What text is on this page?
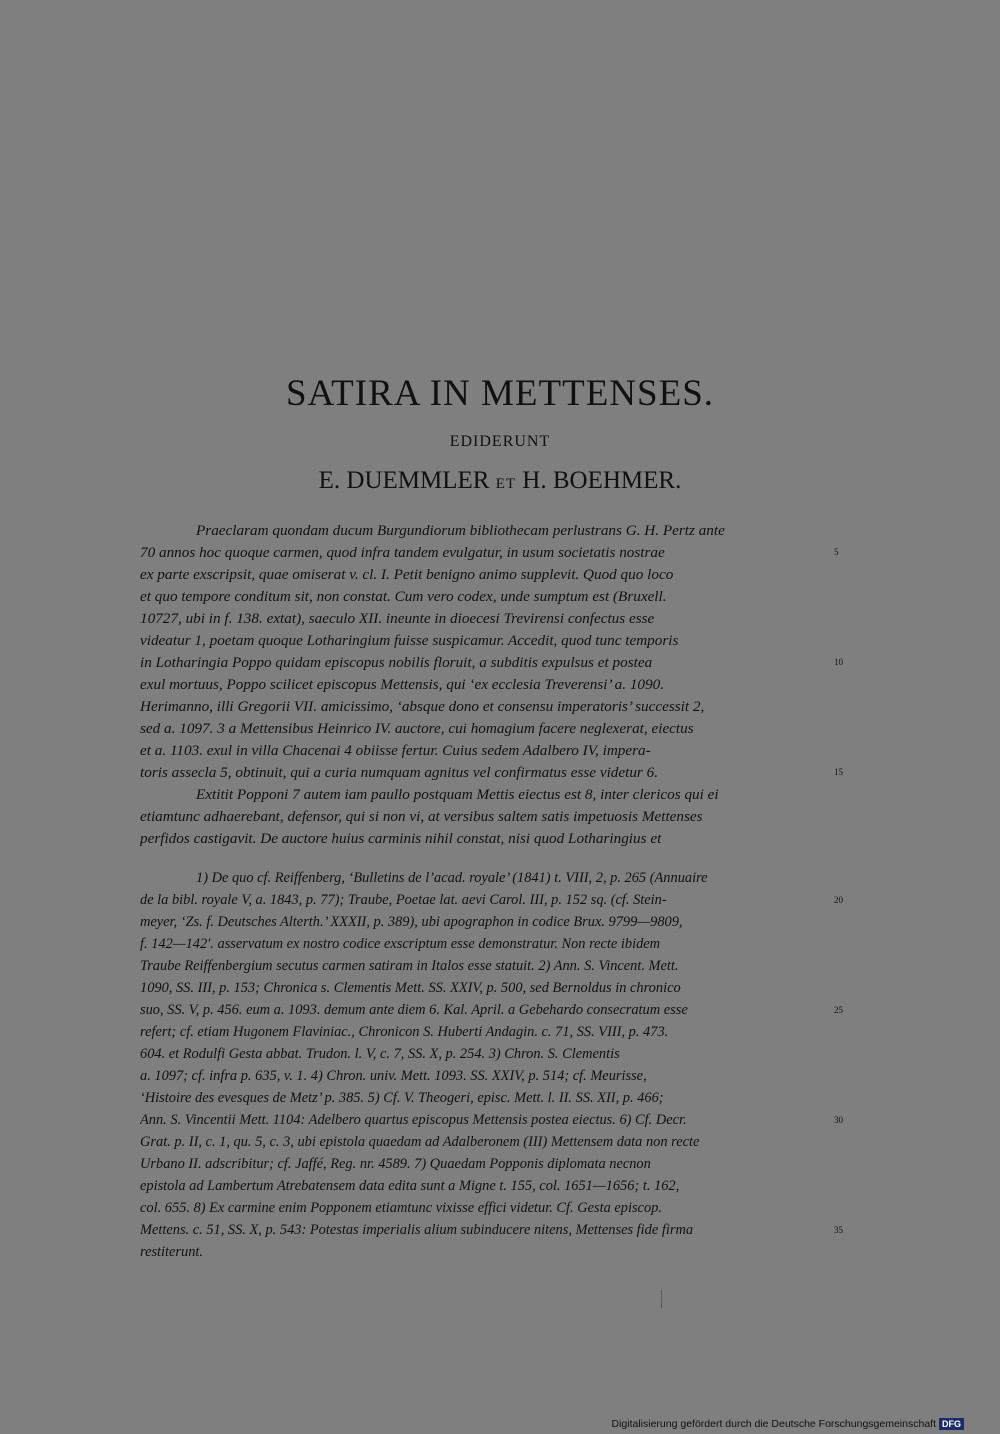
SATIRA IN METTENSES.
EDIDERUNT
E. DUEMMLER ET H. BOEHMER.
Praeclaram quondam ducum Burgundiorum bibliothecam perlustrans G. H. Pertz ante
70 annos hoc quoque carmen, quod infra tandem evulgatur, in usum societatis nostrae
ex parte exscripsit, quae omiserat v. cl. I. Petit benigno animo supplevit. Quod quo loco
et quo tempore conditum sit, non constat. Cum vero codex, unde sumptum est (Bruxell.
10727, ubi in f. 138. extat), saeculo XII. ineunte in dioecesi Trevirensi confectus esse
videatur 1, poetam quoque Lotharingium fuisse suspicamur. Accedit, quod tunc temporis
in Lotharingia Poppo quidam episcopus nobilis floruit, a subditis expulsus et postea
exul mortuus, Poppo scilicet episcopus Mettensis, qui ‘ex ecclesia Treverensi’ a. 1090.
Herimanno, illi Gregorii VII. amicissimo, ‘absque dono et consensu imperatoris’ successit 2,
sed a. 1097. 3 a Mettensibus Heinrico IV. auctore, cui homagium facere neglexerat, eiectus
et a. 1103. exul in villa Chacenai 4 obiisse fertur. Cuius sedem Adalbero IV, impera-
toris assecla 5, obtinuit, qui a curia numquam agnitus vel confirmatus esse videtur 6.
Extitit Popponi 7 autem iam paullo postquam Mettis eiectus est 8, inter clericos qui ei
etiamtunc adhaerebant, defensor, qui si non vi, at versibus saltem satis impetuosis Mettenses
perfidos castigavit. De auctore huius carminis nihil constat, nisi quod Lotharingius et
5
10
15
1) De quo cf. Reiffenberg, ‘Bulletins de l’acad. royale’ (1841) t. VIII, 2, p. 265 (Annuaire
de la bibl. royale V, a. 1843, p. 77); Traube, Poetae lat. aevi Carol. III, p. 152 sq. (cf. Stein-
meyer, ‘Zs. f. Deutsches Alterth.’ XXXII, p. 389), ubi apographon in codice Brux. 9799—9809,
f. 142—142′. asservatum ex nostro codice exscriptum esse demonstratur. Non recte ibidem
Traube Reiffenbergium secutus carmen satiram in Italos esse statuit. 2) Ann. S. Vincent. Mett.
1090, SS. III, p. 153; Chronica s. Clementis Mett. SS. XXIV, p. 500, sed Bernoldus in chronico
suo, SS. V, p. 456. eum a. 1093. demum ante diem 6. Kal. April. a Gebehardo consecratum esse
refert; cf. etiam Hugonem Flaviniac., Chronicon S. Huberti Andagin. c. 71, SS. VIII, p. 473.
604. et Rodulfi Gesta abbat. Trudon. l. V, c. 7, SS. X, p. 254. 3) Chron. S. Clementis
a. 1097; cf. infra p. 635, v. 1. 4) Chron. univ. Mett. 1093. SS. XXIV, p. 514; cf. Meurisse,
‘Histoire des evesques de Metz’ p. 385. 5) Cf. V. Theogeri, episc. Mett. l. II. SS. XII, p. 466;
Ann. S. Vincentii Mett. 1104: Adelbero quartus episcopus Mettensis postea eiectus. 6) Cf. Decr.
Grat. p. II, c. 1, qu. 5, c. 3, ubi epistola quaedam ad Adalberonem (III) Mettensem data non recte
Urbano II. adscribitur; cf. Jaffé, Reg. nr. 4589. 7) Quaedam Popponis diplomata necnon
epistola ad Lambertum Atrebatensem data edita sunt a Migne t. 155, col. 1651—1656; t. 162,
col. 655. 8) Ex carmine enim Popponem etiamtunc vixisse effici videtur. Cf. Gesta episcop.
Mettens. c. 51, SS. X, p. 543: Potestas imperialis alium subinducere nitens, Mettenses fide firma
restiterunt.
20
25
30
35
Digitalisierung gefördert durch die Deutsche Forschungsgemeinschaft DFG
